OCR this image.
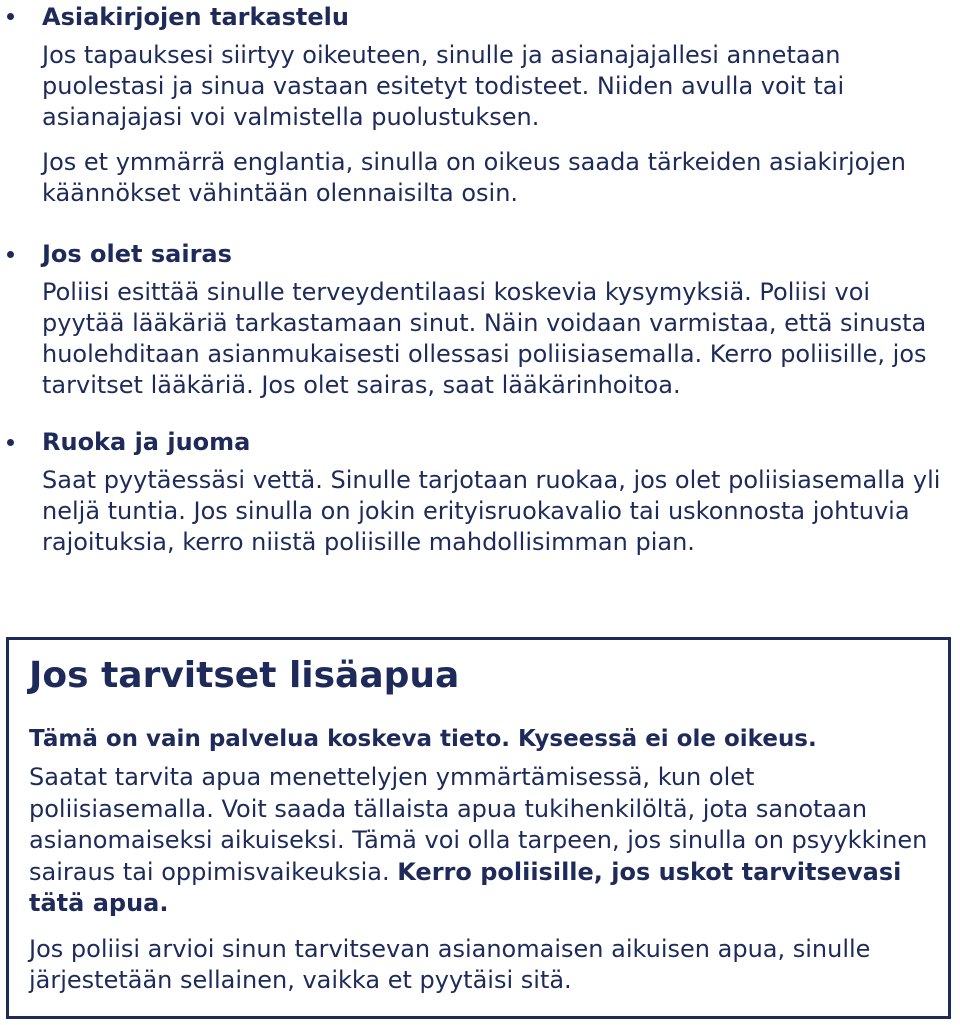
Asiakirjojen tarkastelu

Jos tapauksesi siirtyy oikeuteen, sinulle ja asianajajallesi annetaan puolestasi ja sinua vastaan esitetyt todisteet. Niiden avulla voit tai asianajajasi voi valmistella puolustuksen.

Jos et ymmärrä englantia, sinulla on oikeus saada tärkeiden asiakirjojen käännökset vähintään olennaisilta osin.

Jos olet sairas

Poliisi esittää sinulle terveydentilaasi koskevia kysymyksiä. Poliisi voi pyytää lääkäriä tarkastamaan sinut. Näin voidaan varmistaa, että sinusta huolehditaan asianmukaisesti ollessasi poliisiasemalla. Kerro poliisille, jos tarvitset lääkäriä. Jos olet sairas, saat lääkärinhoitoa.

Ruoka ja juoma

Saat pyytäessäsi vettä. Sinulle tarjotaan ruokaa, jos olet poliisiasemalla yli neljä tuntia. Jos sinulla on jokin erityisruokavalio tai uskonnosta johtuvia rajoituksia, kerro niistä poliisille mahdollisimman pian.

Jos tarvitset lisäapua

Tämä on vain palvelua koskeva tieto. Kyseessä ei ole oikeus.

Saatat tarvita apua menettelyjen ymmärtämisessä, kun olet poliisiasemalla. Voit saada tällaista apua tukihenkilöltä, jota sanotaan asianomaiseksi aikuiseksi. Tämä voi olla tarpeen, jos sinulla on psyykkinen sairaus tai oppimisvaikeuksia. Kerro poliisille, jos uskot tarvitsevasi tätä apua.

Jos poliisi arvioi sinun tarvitsevan asianomaisen aikuisen apua, sinulle järjestetään sellainen, vaikka et pyytäisi sitä.
